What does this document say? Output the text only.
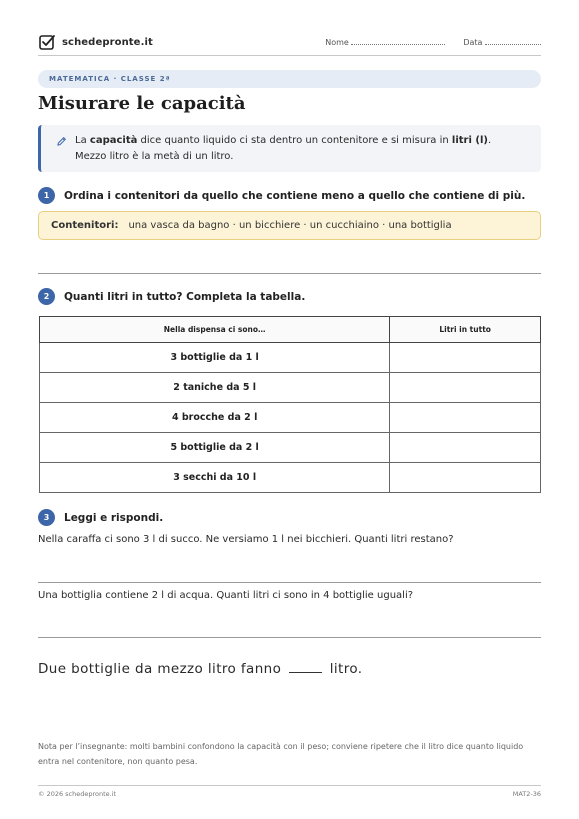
schedepronte.it	Nome	Data
MATEMATICA · CLASSE 2ª
Misurare le capacità
La capacità dice quanto liquido ci sta dentro un contenitore e si misura in litri (l).
Mezzo litro è la metà di un litro.
1	Ordina i contenitori da quello che contiene meno a quello che contiene di più.
Contenitori: una vasca da bagno · un bicchiere · un cucchiaino · una bottiglia
2	Quanti litri in tutto? Completa la tabella.
Nella dispensa ci sono…	Litri in tutto
3 bottiglie da 1 l	
2 taniche da 5 l	
4 brocche da 2 l	
5 bottiglie da 2 l	
3 secchi da 10 l	
3	Leggi e rispondi.
Nella caraffa ci sono 3 l di succo. Ne versiamo 1 l nei bicchieri. Quanti litri restano?
Una bottiglia contiene 2 l di acqua. Quanti litri ci sono in 4 bottiglie uguali?
Due bottiglie da mezzo litro fanno	litro.
Nota per l’insegnante: molti bambini confondono la capacità con il peso; conviene ripetere che il litro dice quanto liquido entra nel contenitore, non quanto pesa.
© 2026 schedepronte.it	MAT2-36
